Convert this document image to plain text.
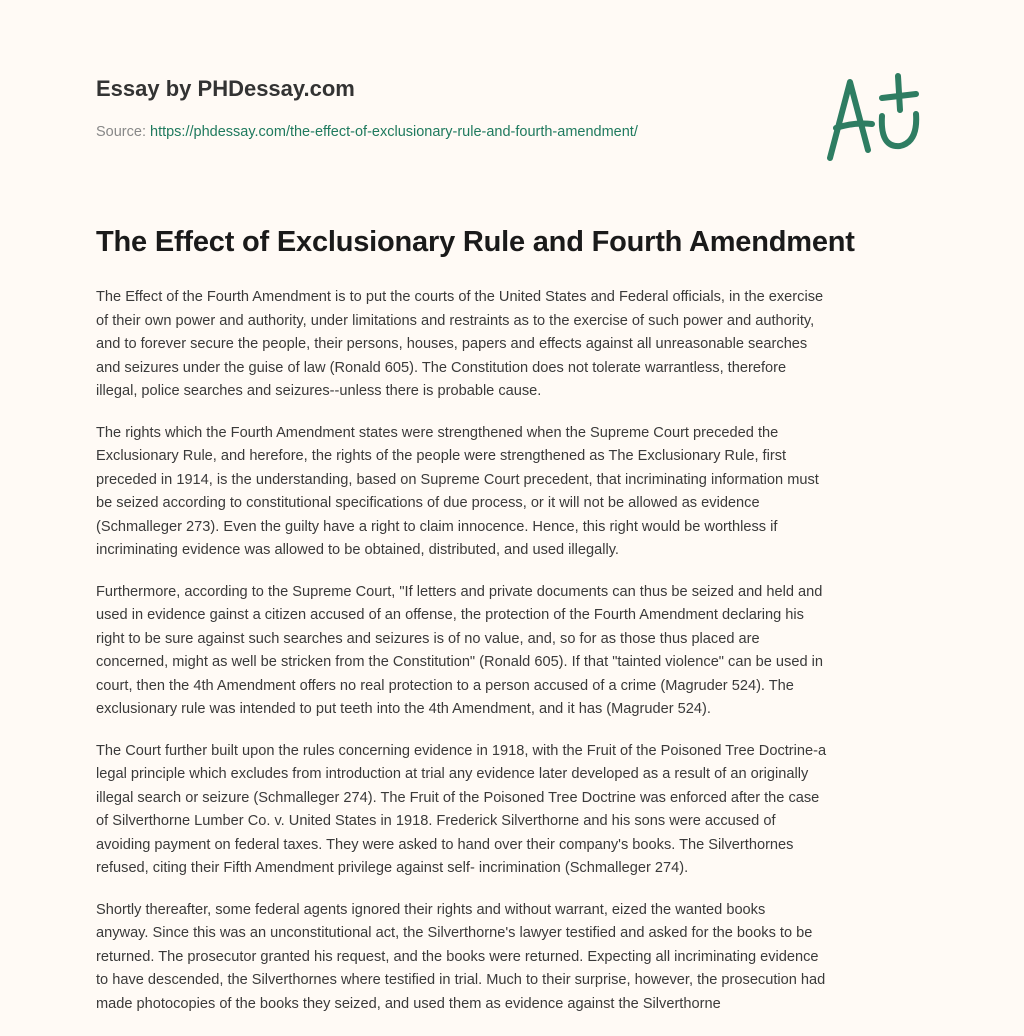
Essay by PHDessay.com
Source: https://phdessay.com/the-effect-of-exclusionary-rule-and-fourth-amendment/
The Effect of Exclusionary Rule and Fourth Amendment

The Effect of the Fourth Amendment is to put the courts of the United States and Federal officials, in the exercise
of their own power and authority, under limitations and restraints as to the exercise of such power and authority,
and to forever secure the people, their persons, houses, papers and effects against all unreasonable searches
and seizures under the guise of law (Ronald 605). The Constitution does not tolerate warrantless, therefore
illegal, police searches and seizures--unless there is probable cause.

The rights which the Fourth Amendment states were strengthened when the Supreme Court preceded the
Exclusionary Rule, and herefore, the rights of the people were strengthened as The Exclusionary Rule, first
preceded in 1914, is the understanding, based on Supreme Court precedent, that incriminating information must
be seized according to constitutional specifications of due process, or it will not be allowed as evidence
(Schmalleger 273). Even the guilty have a right to claim innocence. Hence, this right would be worthless if
incriminating evidence was allowed to be obtained, distributed, and used illegally.

Furthermore, according to the Supreme Court, "If letters and private documents can thus be seized and held and
used in evidence gainst a citizen accused of an offense, the protection of the Fourth Amendment declaring his
right to be sure against such searches and seizures is of no value, and, so for as those thus placed are
concerned, might as well be stricken from the Constitution" (Ronald 605). If that "tainted violence" can be used in
court, then the 4th Amendment offers no real protection to a person accused of a crime (Magruder 524). The
exclusionary rule was intended to put teeth into the 4th Amendment, and it has (Magruder 524).

The Court further built upon the rules concerning evidence in 1918, with the Fruit of the Poisoned Tree Doctrine-a
legal principle which excludes from introduction at trial any evidence later developed as a result of an originally
illegal search or seizure (Schmalleger 274). The Fruit of the Poisoned Tree Doctrine was enforced after the case
of Silverthorne Lumber Co. v. United States in 1918. Frederick Silverthorne and his sons were accused of
avoiding payment on federal taxes. They were asked to hand over their company's books. The Silverthornes
refused, citing their Fifth Amendment privilege against self- incrimination (Schmalleger 274).

Shortly thereafter, some federal agents ignored their rights and without warrant, eized the wanted books
anyway. Since this was an unconstitutional act, the Silverthorne's lawyer testified and asked for the books to be
returned. The prosecutor granted his request, and the books were returned. Expecting all incriminating evidence
to have descended, the Silverthornes where testified in trial. Much to their surprise, however, the prosecution had
made photocopies of the books they seized, and used them as evidence against the Silverthorne
